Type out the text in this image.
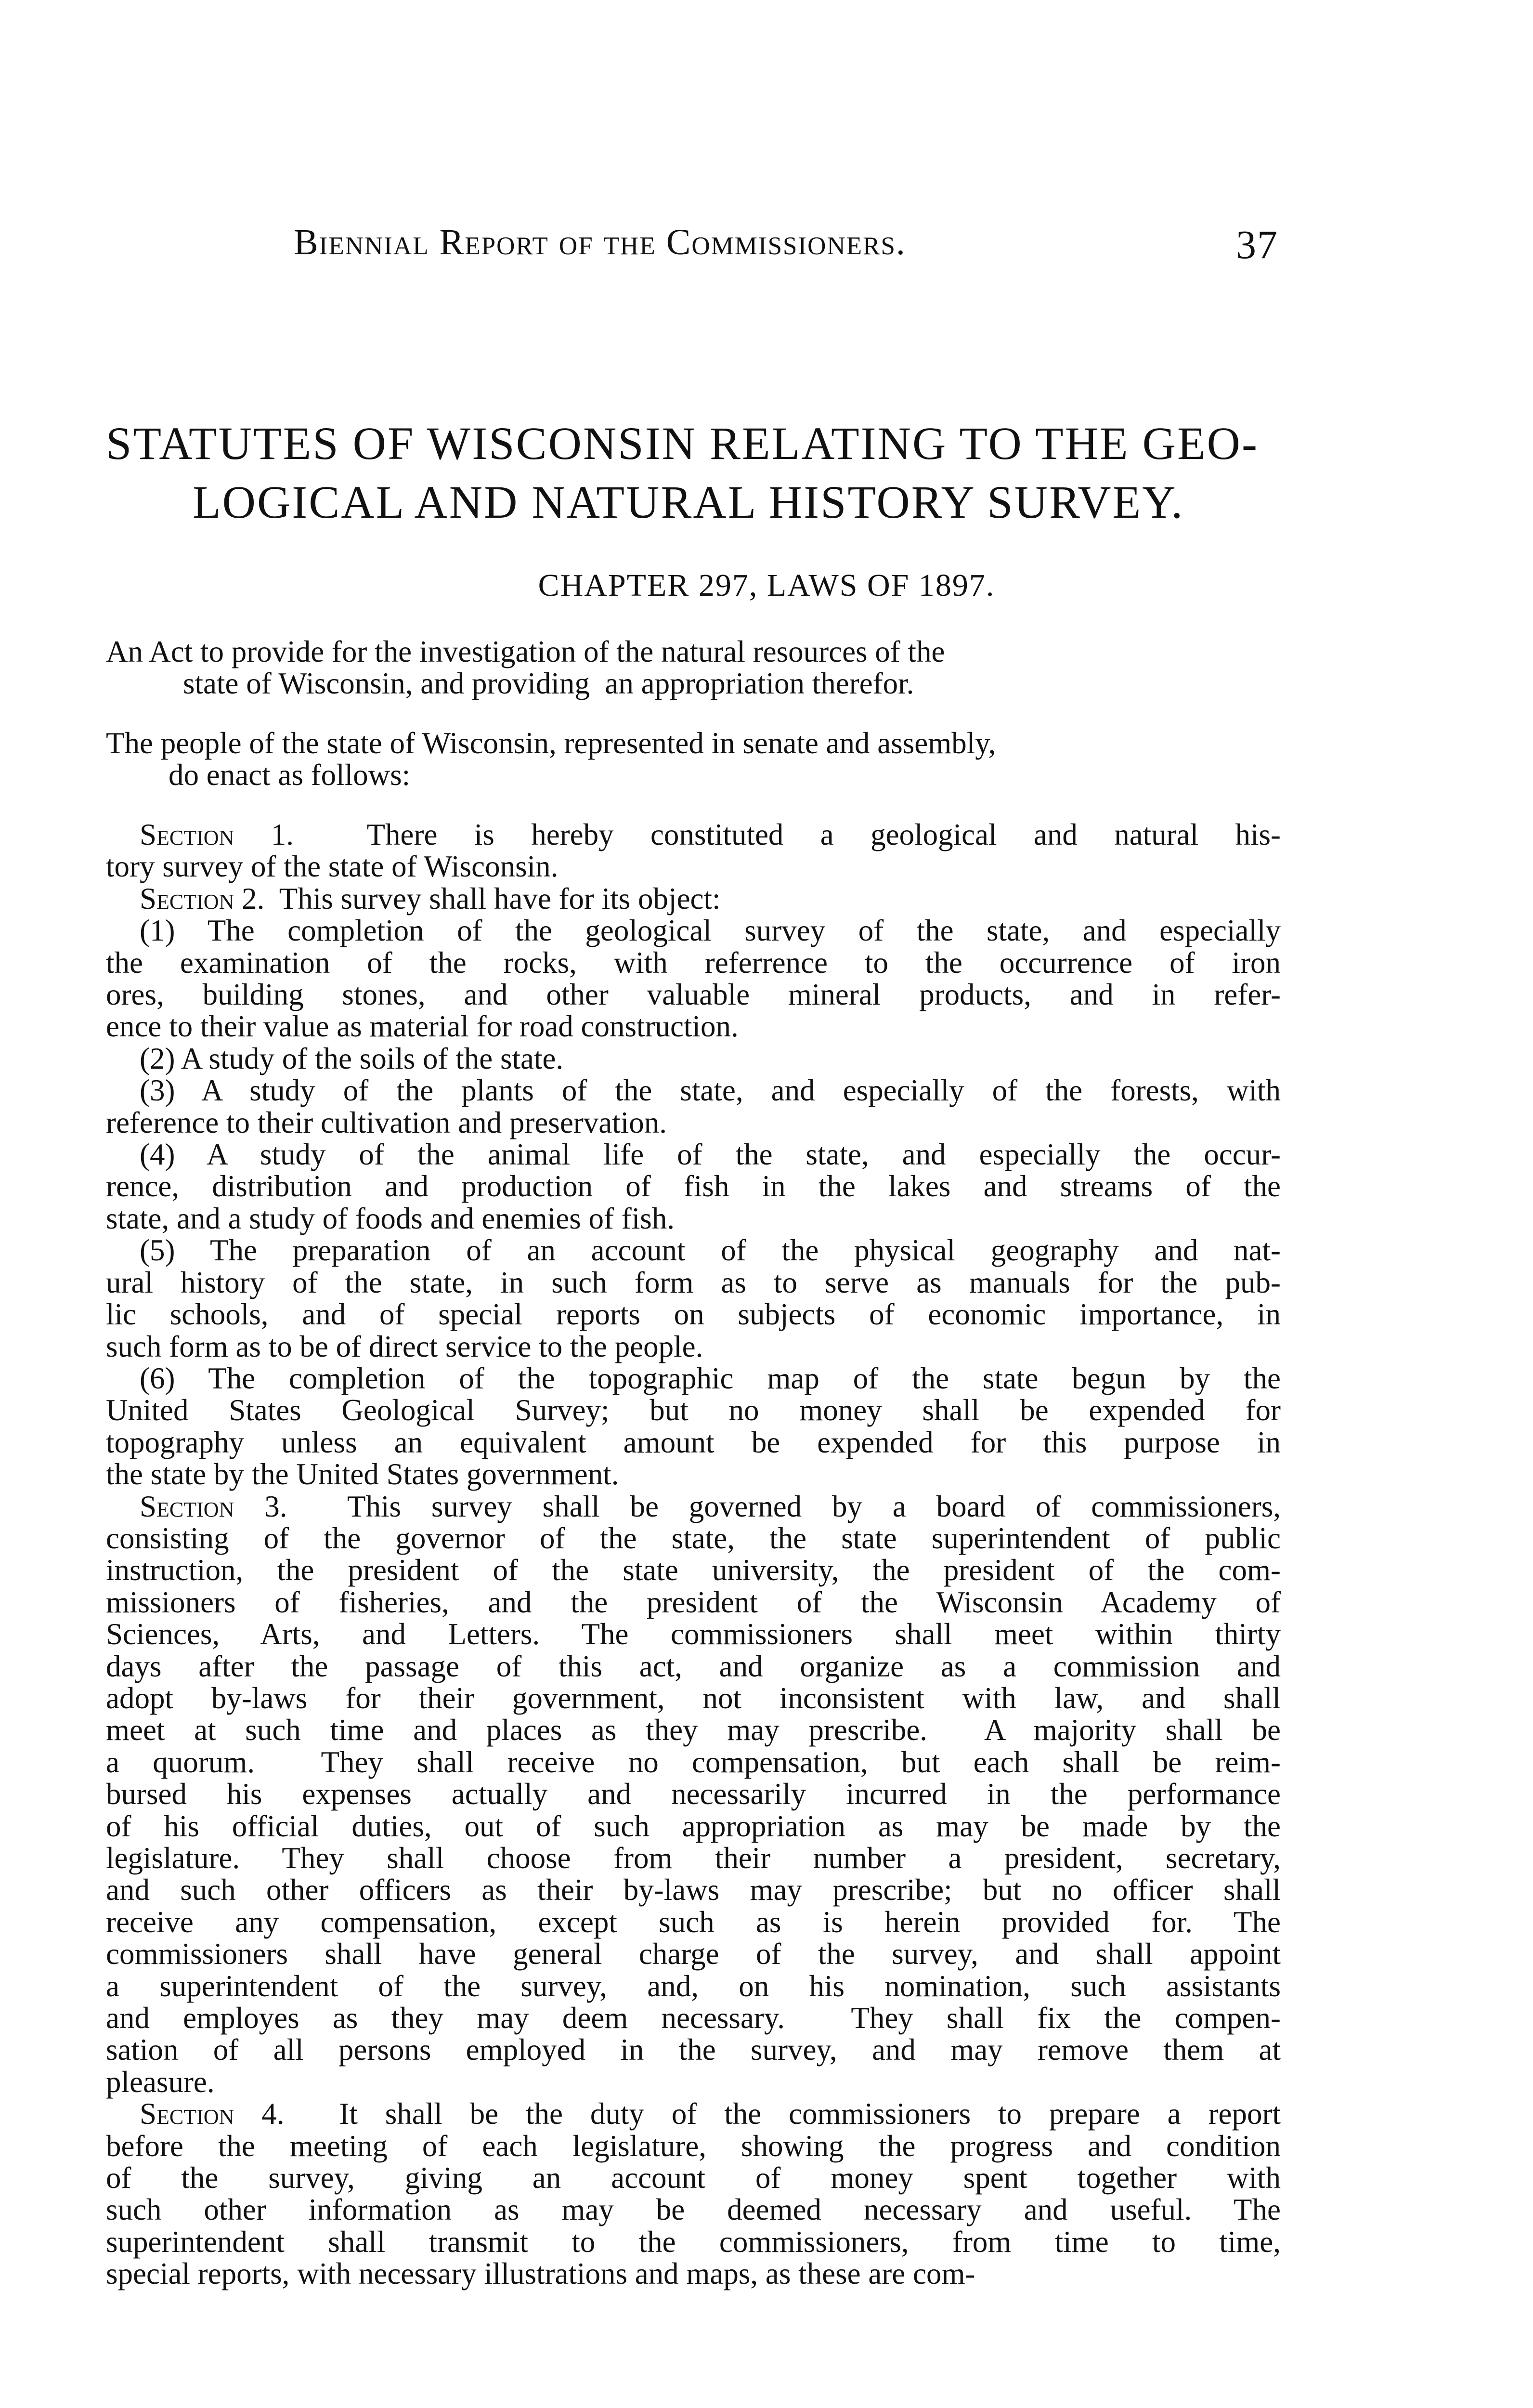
Biennial Report of the Commissioners.	37
STATUTES OF WISCONSIN RELATING TO THE GEO-
LOGICAL AND NATURAL HISTORY SURVEY.
CHAPTER 297, LAWS OF 1897.
An Act to provide for the investigation of the natural resources of the
state of Wisconsin, and providing  an appropriation therefor.
The people of the state of Wisconsin, represented in senate and assembly,
do enact as follows:
Section 1.  There is hereby constituted a geological and natural his-
tory survey of the state of Wisconsin.
Section 2.  This survey shall have for its object:
(1) The completion of the geological survey of the state, and especially
the examination of the rocks, with referrence to the occurrence of iron
ores, building stones, and other valuable mineral products, and in refer-
ence to their value as material for road construction.
(2) A study of the soils of the state.
(3) A study of the plants of the state, and especially of the forests, with
reference to their cultivation and preservation.
(4) A study of the animal life of the state, and especially the occur-
rence, distribution and production of fish in the lakes and streams of the
state, and a study of foods and enemies of fish.
(5) The preparation of an account of the physical geography and nat-
ural history of the state, in such form as to serve as manuals for the pub-
lic schools, and of special reports on subjects of economic importance, in
such form as to be of direct service to the people.
(6) The completion of the topographic map of the state begun by the
United States Geological Survey; but no money shall be expended for
topography unless an equivalent amount be expended for this purpose in
the state by the United States government.
Section 3.  This survey shall be governed by a board of commissioners,
consisting of the governor of the state, the state superintendent of public
instruction, the president of the state university, the president of the com-
missioners of fisheries, and the president of the Wisconsin Academy of
Sciences, Arts, and Letters. The commissioners shall meet within thirty
days after the passage of this act, and organize as a commission and
adopt by-laws for their government, not inconsistent with law, and shall
meet at such time and places as they may prescribe.  A majority shall be
a quorum.  They shall receive no compensation, but each shall be reim-
bursed his expenses actually and necessarily incurred in the performance
of his official duties, out of such appropriation as may be made by the
legislature. They shall choose from their number a president, secretary,
and such other officers as their by-laws may prescribe; but no officer shall
receive any compensation, except such as is herein provided for. The
commissioners shall have general charge of the survey, and shall appoint
a superintendent of the survey, and, on his nomination, such assistants
and employes as they may deem necessary.  They shall fix the compen-
sation of all persons employed in the survey, and may remove them at
pleasure.
Section 4.  It shall be the duty of the commissioners to prepare a report
before the meeting of each legislature, showing the progress and condition
of the survey, giving an account of money spent together with
such other information as may be deemed necessary and useful. The
superintendent shall transmit to the commissioners, from time to time,
special reports, with necessary illustrations and maps, as these are com-
